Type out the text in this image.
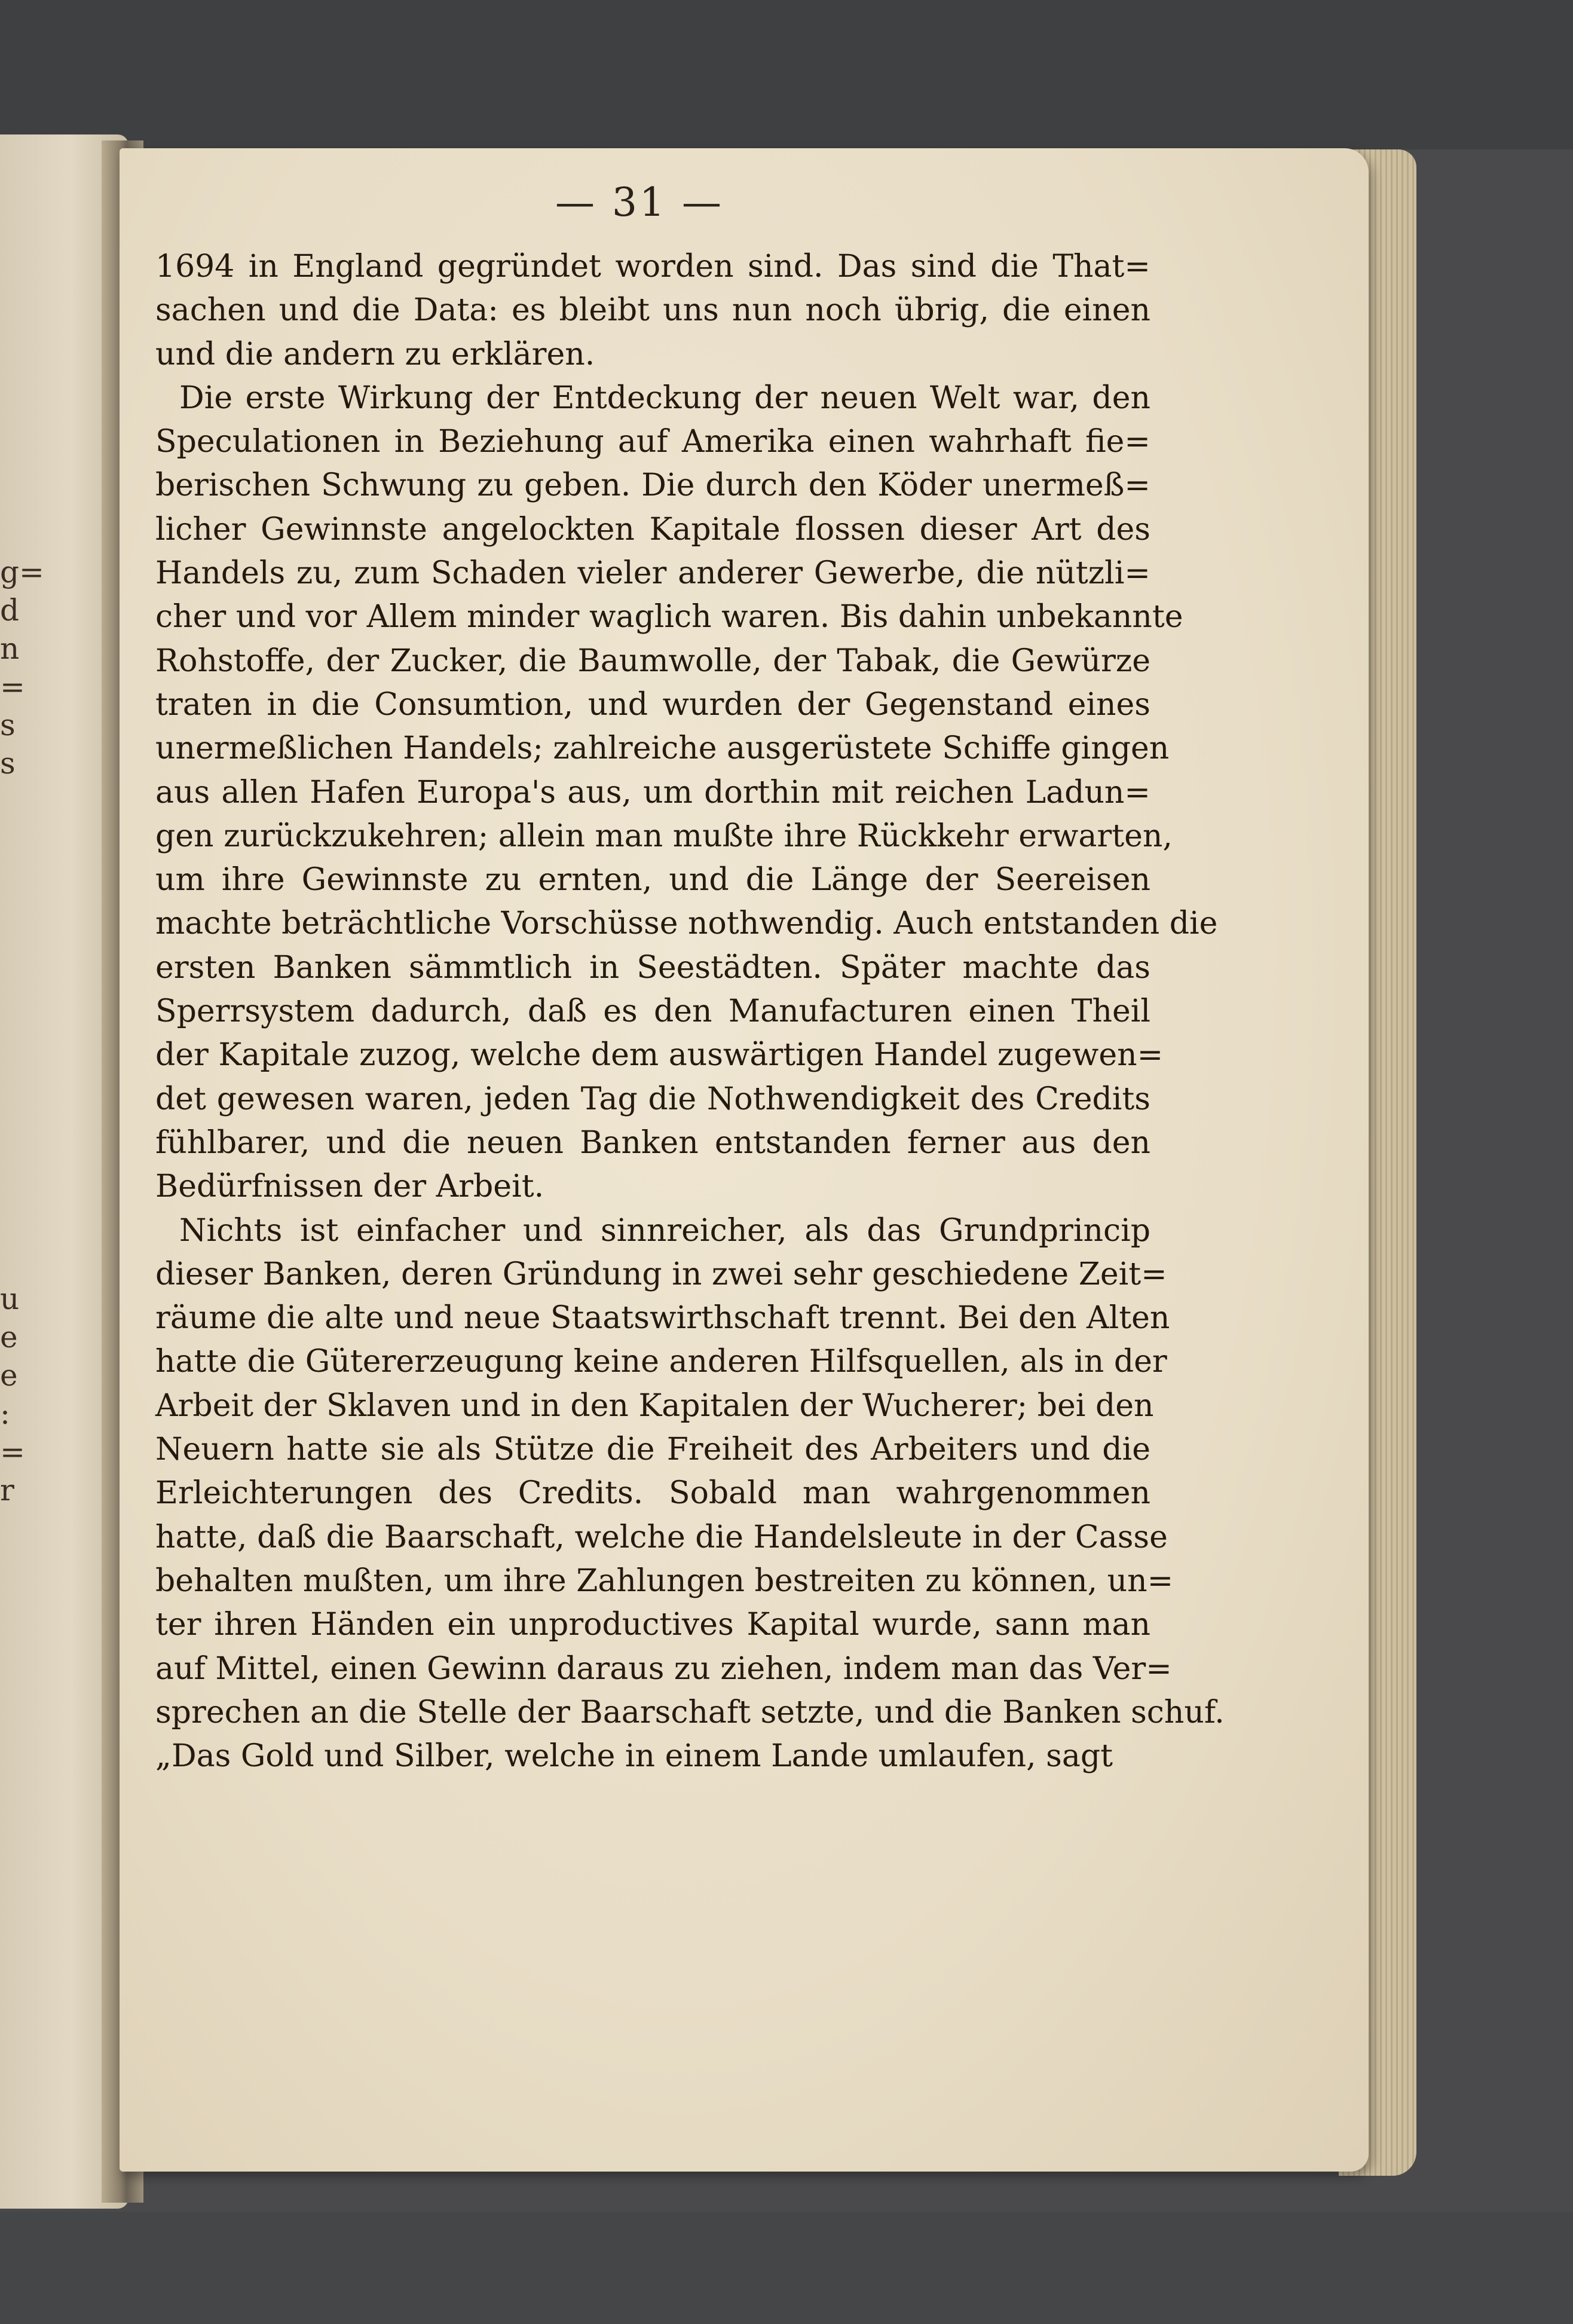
g=
d
n
=
s
s
u
e
e
:
=
r
— 31 —
1694 in England gegründet worden sind. Das sind die That=
sachen und die Data: es bleibt uns nun noch übrig, die einen
und die andern zu erklären.
Die erste Wirkung der Entdeckung der neuen Welt war, den
Speculationen in Beziehung auf Amerika einen wahrhaft fie=
berischen Schwung zu geben. Die durch den Köder unermeß=
licher Gewinnste angelockten Kapitale flossen dieser Art des
Handels zu, zum Schaden vieler anderer Gewerbe, die nützli=
cher und vor Allem minder waglich waren. Bis dahin unbekannte
Rohstoffe, der Zucker, die Baumwolle, der Tabak, die Gewürze
traten in die Consumtion, und wurden der Gegenstand eines
unermeßlichen Handels; zahlreiche ausgerüstete Schiffe gingen
aus allen Hafen Europa's aus, um dorthin mit reichen Ladun=
gen zurückzukehren; allein man mußte ihre Rückkehr erwarten,
um ihre Gewinnste zu ernten, und die Länge der Seereisen
machte beträchtliche Vorschüsse nothwendig. Auch entstanden die
ersten Banken sämmtlich in Seestädten. Später machte das
Sperrsystem dadurch, daß es den Manufacturen einen Theil
der Kapitale zuzog, welche dem auswärtigen Handel zugewen=
det gewesen waren, jeden Tag die Nothwendigkeit des Credits
fühlbarer, und die neuen Banken entstanden ferner aus den
Bedürfnissen der Arbeit.
Nichts ist einfacher und sinnreicher, als das Grundprincip
dieser Banken, deren Gründung in zwei sehr geschiedene Zeit=
räume die alte und neue Staatswirthschaft trennt. Bei den Alten
hatte die Gütererzeugung keine anderen Hilfsquellen, als in der
Arbeit der Sklaven und in den Kapitalen der Wucherer; bei den
Neuern hatte sie als Stütze die Freiheit des Arbeiters und die
Erleichterungen des Credits. Sobald man wahrgenommen
hatte, daß die Baarschaft, welche die Handelsleute in der Casse
behalten mußten, um ihre Zahlungen bestreiten zu können, un=
ter ihren Händen ein unproductives Kapital wurde, sann man
auf Mittel, einen Gewinn daraus zu ziehen, indem man das Ver=
sprechen an die Stelle der Baarschaft setzte, und die Banken schuf.
„Das Gold und Silber, welche in einem Lande umlaufen, sagt
